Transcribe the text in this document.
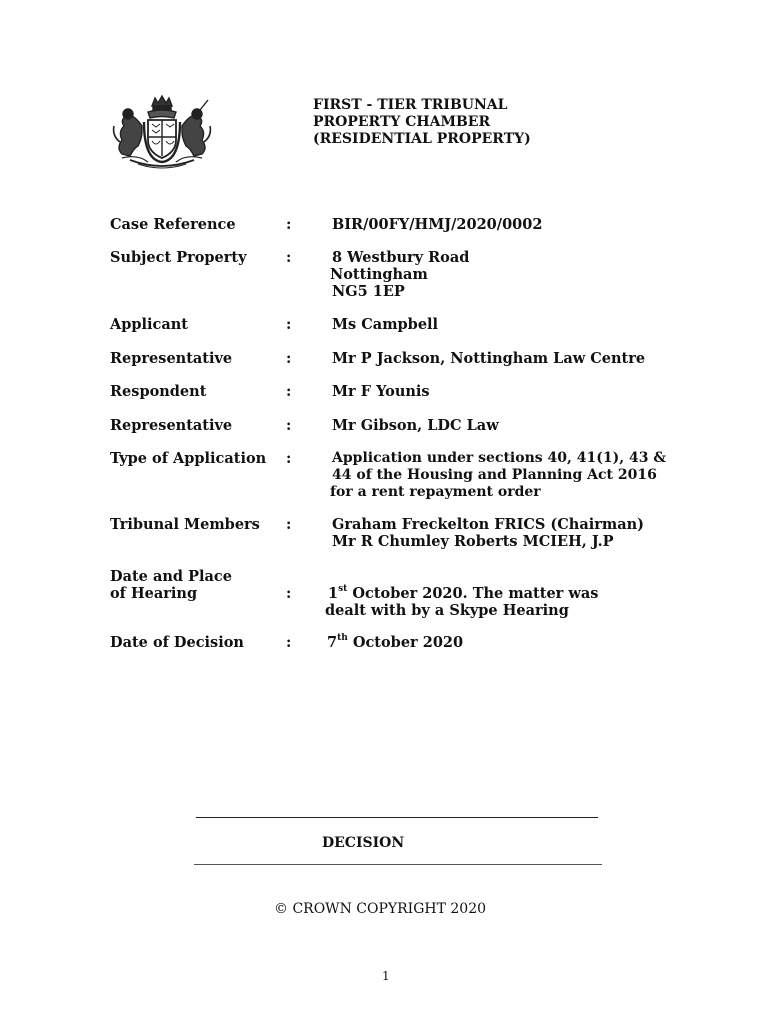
FIRST - TIER TRIBUNAL
PROPERTY CHAMBER
(RESIDENTIAL PROPERTY)
Case Reference	:	BIR/00FY/HMJ/2020/0002
Subject Property	:	8 Westbury Road
Nottingham
NG5 1EP
Applicant	:	Ms Campbell
Representative	:	Mr P Jackson, Nottingham Law Centre
Respondent	:	Mr F Younis
Representative	:	Mr Gibson, LDC Law
Type of Application :	Application under sections 40, 41(1), 43 &
44 of the Housing and Planning Act 2016
for a rent repayment order
Tribunal Members :	Graham Freckelton FRICS (Chairman)
Mr R Chumley Roberts MCIEH, J.P
Date and Place
of Hearing	:	1st October 2020. The matter was
dealt with by a Skype Hearing
Date of Decision	: 7th October 2020
DECISION
© CROWN COPYRIGHT 2020
1
